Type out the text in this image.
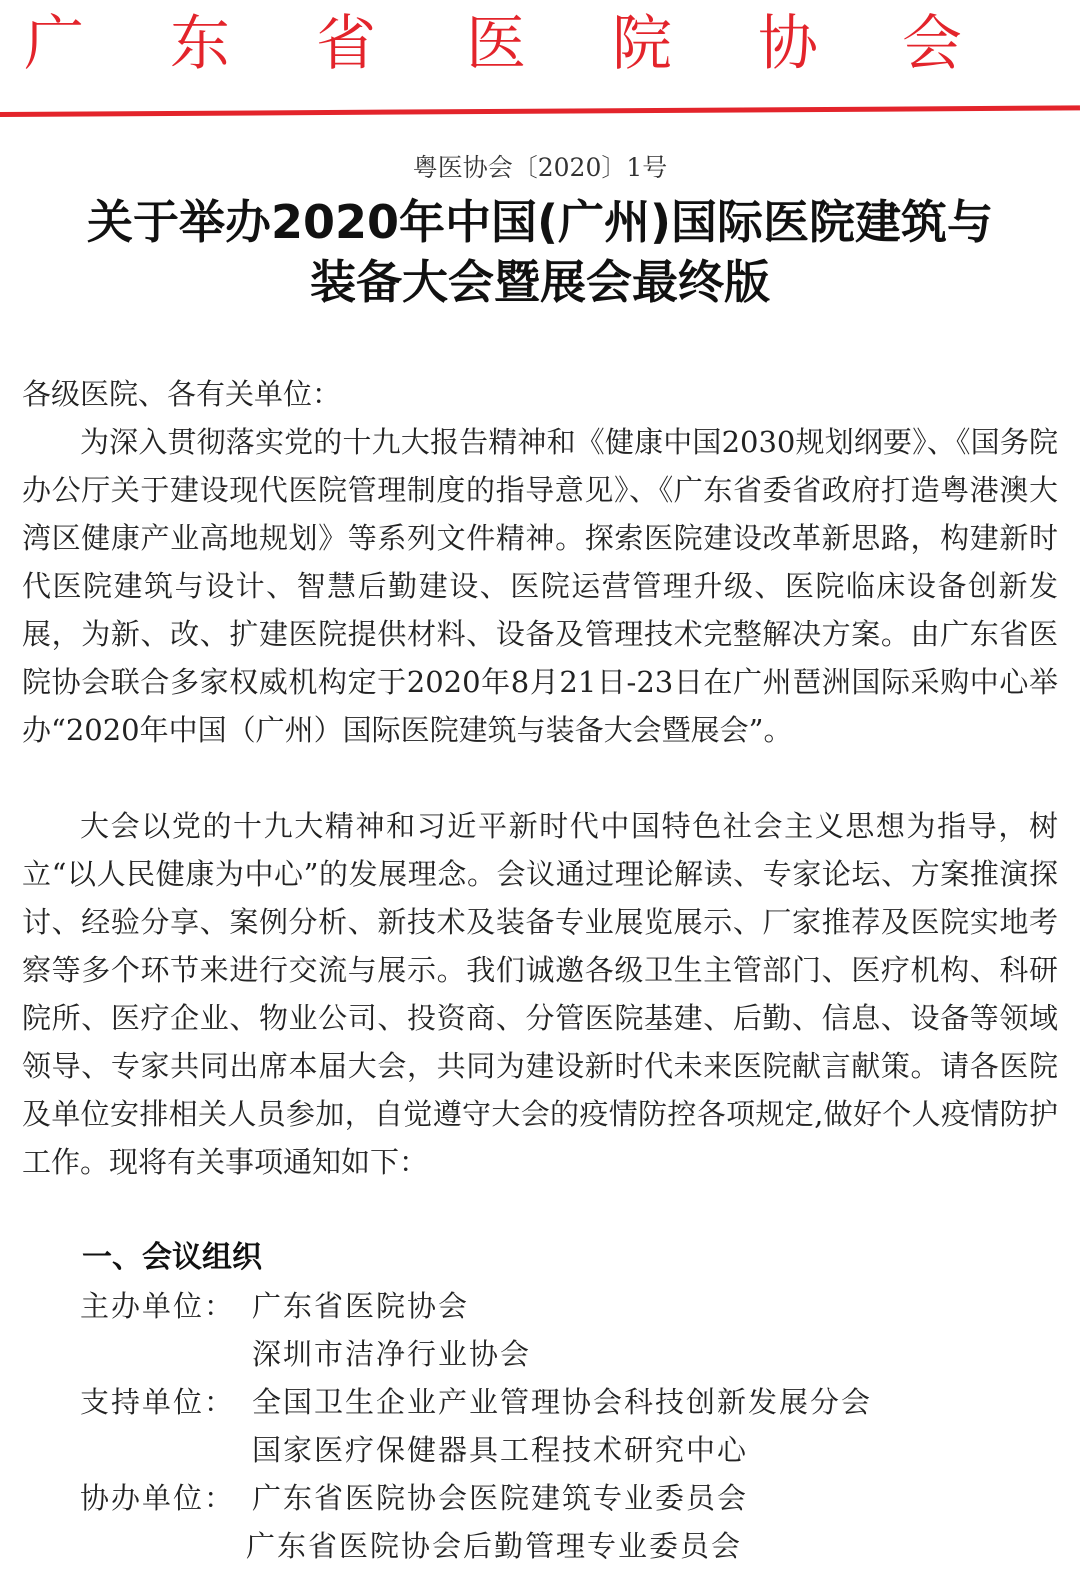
广 东 省 医 院 协 会
粤医协会〔2020〕1号
关于举办2020年中国(广州)国际医院建筑与
装备大会暨展会最终版

各级医院、各有关单位：

为深入贯彻落实党的十九大报告精神和《健康中国2030规划纲要》、《国务院办公厅关于建设现代医院管理制度的指导意见》、《广东省委省政府打造粤港澳大湾区健康产业高地规划》等系列文件精神。探索医院建设改革新思路，构建新时代医院建筑与设计、智慧后勤建设、医院运营管理升级、医院临床设备创新发展，为新、改、扩建医院提供材料、设备及管理技术完整解决方案。由广东省医院协会联合多家权威机构定于2020年8月21日-23日在广州琶洲国际采购中心举办“2020年中国（广州）国际医院建筑与装备大会暨展会”。

大会以党的十九大精神和习近平新时代中国特色社会主义思想为指导，树立“以人民健康为中心”的发展理念。会议通过理论解读、专家论坛、方案推演探讨、经验分享、案例分析、新技术及装备专业展览展示、厂家推荐及医院实地考察等多个环节来进行交流与展示。我们诚邀各级卫生主管部门、医疗机构、科研院所、医疗企业、物业公司、投资商、分管医院基建、后勤、信息、设备等领域领导、专家共同出席本届大会，共同为建设新时代未来医院献言献策。请各医院及单位安排相关人员参加，自觉遵守大会的疫情防控各项规定,做好个人疫情防护工作。现将有关事项通知如下：

一、会议组织
主办单位： 广东省医院协会
深圳市洁净行业协会
支持单位： 全国卫生企业产业管理协会科技创新发展分会
国家医疗保健器具工程技术研究中心
协办单位： 广东省医院协会医院建筑专业委员会
广东省医院协会后勤管理专业委员会
